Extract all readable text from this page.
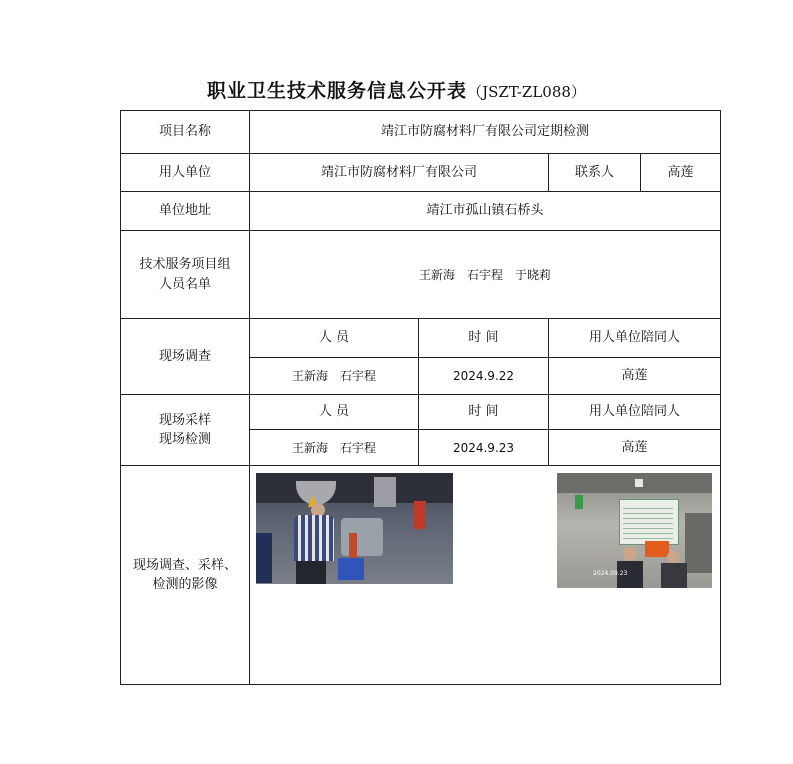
职业卫生技术服务信息公开表（JSZT-ZL088）
项目名称	靖江市防腐材料厂有限公司定期检测			
用人单位	靖江市防腐材料厂有限公司		联系人	高莲
单位地址	靖江市孤山镇石桥头			

技术服务项目组
人员名单	王新海　石宇程　于晓莉			
现场调查	人 员	时 间	用人单位陪同人	
	王新海　石宇程	2024.9.22	高莲	

现场采样
现场检测	人 员	时 间	用人单位陪同人	
	王新海　石宇程	2024.9.23	高莲	

现场调查、采样、
检测的影像	2024.09.23			
